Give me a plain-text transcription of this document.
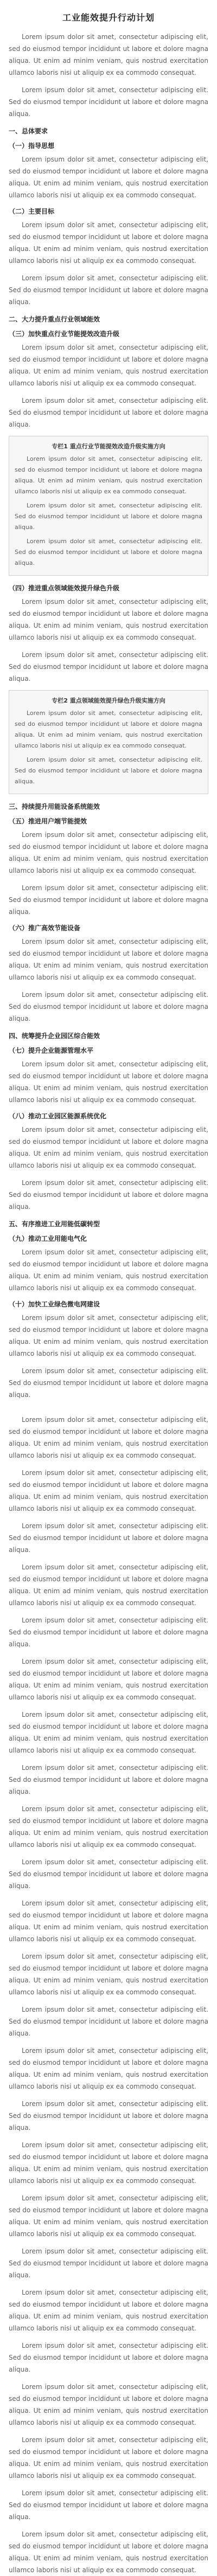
工业能效提升行动计划

Lorem ipsum dolor sit amet, consectetur adipiscing elit, sed do eiusmod tempor incididunt ut labore et dolore magna aliqua. Ut enim ad minim veniam, quis nostrud exercitation ullamco laboris nisi ut aliquip ex ea commodo consequat.

Lorem ipsum dolor sit amet, consectetur adipiscing elit. Sed do eiusmod tempor incididunt ut labore et dolore magna aliqua.

一、总体要求
（一）指导思想

Lorem ipsum dolor sit amet, consectetur adipiscing elit, sed do eiusmod tempor incididunt ut labore et dolore magna aliqua. Ut enim ad minim veniam, quis nostrud exercitation ullamco laboris nisi ut aliquip ex ea commodo consequat.

（二）主要目标

Lorem ipsum dolor sit amet, consectetur adipiscing elit, sed do eiusmod tempor incididunt ut labore et dolore magna aliqua. Ut enim ad minim veniam, quis nostrud exercitation ullamco laboris nisi ut aliquip ex ea commodo consequat.

Lorem ipsum dolor sit amet, consectetur adipiscing elit. Sed do eiusmod tempor incididunt ut labore et dolore magna aliqua.

二、大力提升重点行业领域能效
（三）加快重点行业节能提效改造升级

Lorem ipsum dolor sit amet, consectetur adipiscing elit, sed do eiusmod tempor incididunt ut labore et dolore magna aliqua. Ut enim ad minim veniam, quis nostrud exercitation ullamco laboris nisi ut aliquip ex ea commodo consequat.

Lorem ipsum dolor sit amet, consectetur adipiscing elit. Sed do eiusmod tempor incididunt ut labore et dolore magna aliqua.

专栏1 重点行业节能提效改造升级实施方向

Lorem ipsum dolor sit amet, consectetur adipiscing elit, sed do eiusmod tempor incididunt ut labore et dolore magna aliqua. Ut enim ad minim veniam, quis nostrud exercitation ullamco laboris nisi ut aliquip ex ea commodo consequat.

Lorem ipsum dolor sit amet, consectetur adipiscing elit. Sed do eiusmod tempor incididunt ut labore et dolore magna aliqua.

Lorem ipsum dolor sit amet, consectetur adipiscing elit. Sed do eiusmod tempor incididunt ut labore et dolore magna aliqua.

（四）推进重点领域能效提升绿色升级

Lorem ipsum dolor sit amet, consectetur adipiscing elit, sed do eiusmod tempor incididunt ut labore et dolore magna aliqua. Ut enim ad minim veniam, quis nostrud exercitation ullamco laboris nisi ut aliquip ex ea commodo consequat.

Lorem ipsum dolor sit amet, consectetur adipiscing elit. Sed do eiusmod tempor incididunt ut labore et dolore magna aliqua.

专栏2 重点领域能效提升绿色升级实施方向

Lorem ipsum dolor sit amet, consectetur adipiscing elit, sed do eiusmod tempor incididunt ut labore et dolore magna aliqua. Ut enim ad minim veniam, quis nostrud exercitation ullamco laboris nisi ut aliquip ex ea commodo consequat.

Lorem ipsum dolor sit amet, consectetur adipiscing elit. Sed do eiusmod tempor incididunt ut labore et dolore magna aliqua.

三、持续提升用能设备系统能效
（五）推进用户端节能提效

Lorem ipsum dolor sit amet, consectetur adipiscing elit, sed do eiusmod tempor incididunt ut labore et dolore magna aliqua. Ut enim ad minim veniam, quis nostrud exercitation ullamco laboris nisi ut aliquip ex ea commodo consequat.

Lorem ipsum dolor sit amet, consectetur adipiscing elit. Sed do eiusmod tempor incididunt ut labore et dolore magna aliqua.

（六）推广高效节能设备

Lorem ipsum dolor sit amet, consectetur adipiscing elit, sed do eiusmod tempor incididunt ut labore et dolore magna aliqua. Ut enim ad minim veniam, quis nostrud exercitation ullamco laboris nisi ut aliquip ex ea commodo consequat.

Lorem ipsum dolor sit amet, consectetur adipiscing elit. Sed do eiusmod tempor incididunt ut labore et dolore magna aliqua.

四、统筹提升企业园区综合能效
（七）提升企业能源管理水平

Lorem ipsum dolor sit amet, consectetur adipiscing elit, sed do eiusmod tempor incididunt ut labore et dolore magna aliqua. Ut enim ad minim veniam, quis nostrud exercitation ullamco laboris nisi ut aliquip ex ea commodo consequat.

（八）推动工业园区能源系统优化

Lorem ipsum dolor sit amet, consectetur adipiscing elit, sed do eiusmod tempor incididunt ut labore et dolore magna aliqua. Ut enim ad minim veniam, quis nostrud exercitation ullamco laboris nisi ut aliquip ex ea commodo consequat.

Lorem ipsum dolor sit amet, consectetur adipiscing elit. Sed do eiusmod tempor incididunt ut labore et dolore magna aliqua.

五、有序推进工业用能低碳转型
（九）推动工业用能电气化

Lorem ipsum dolor sit amet, consectetur adipiscing elit, sed do eiusmod tempor incididunt ut labore et dolore magna aliqua. Ut enim ad minim veniam, quis nostrud exercitation ullamco laboris nisi ut aliquip ex ea commodo consequat.

（十）加快工业绿色微电网建设

Lorem ipsum dolor sit amet, consectetur adipiscing elit, sed do eiusmod tempor incididunt ut labore et dolore magna aliqua. Ut enim ad minim veniam, quis nostrud exercitation ullamco laboris nisi ut aliquip ex ea commodo consequat.

Lorem ipsum dolor sit amet, consectetur adipiscing elit. Sed do eiusmod tempor incididunt ut labore et dolore magna aliqua.

Lorem ipsum dolor sit amet, consectetur adipiscing elit, sed do eiusmod tempor incididunt ut labore et dolore magna aliqua. Ut enim ad minim veniam, quis nostrud exercitation ullamco laboris nisi ut aliquip ex ea commodo consequat.

Lorem ipsum dolor sit amet, consectetur adipiscing elit, sed do eiusmod tempor incididunt ut labore et dolore magna aliqua. Ut enim ad minim veniam, quis nostrud exercitation ullamco laboris nisi ut aliquip ex ea commodo consequat.

Lorem ipsum dolor sit amet, consectetur adipiscing elit. Sed do eiusmod tempor incididunt ut labore et dolore magna aliqua.

Lorem ipsum dolor sit amet, consectetur adipiscing elit, sed do eiusmod tempor incididunt ut labore et dolore magna aliqua. Ut enim ad minim veniam, quis nostrud exercitation ullamco laboris nisi ut aliquip ex ea commodo consequat.

Lorem ipsum dolor sit amet, consectetur adipiscing elit. Sed do eiusmod tempor incididunt ut labore et dolore magna aliqua.

Lorem ipsum dolor sit amet, consectetur adipiscing elit, sed do eiusmod tempor incididunt ut labore et dolore magna aliqua. Ut enim ad minim veniam, quis nostrud exercitation ullamco laboris nisi ut aliquip ex ea commodo consequat.

Lorem ipsum dolor sit amet, consectetur adipiscing elit, sed do eiusmod tempor incididunt ut labore et dolore magna aliqua. Ut enim ad minim veniam, quis nostrud exercitation ullamco laboris nisi ut aliquip ex ea commodo consequat.

Lorem ipsum dolor sit amet, consectetur adipiscing elit. Sed do eiusmod tempor incididunt ut labore et dolore magna aliqua.

Lorem ipsum dolor sit amet, consectetur adipiscing elit, sed do eiusmod tempor incididunt ut labore et dolore magna aliqua. Ut enim ad minim veniam, quis nostrud exercitation ullamco laboris nisi ut aliquip ex ea commodo consequat.

Lorem ipsum dolor sit amet, consectetur adipiscing elit. Sed do eiusmod tempor incididunt ut labore et dolore magna aliqua.

Lorem ipsum dolor sit amet, consectetur adipiscing elit, sed do eiusmod tempor incididunt ut labore et dolore magna aliqua. Ut enim ad minim veniam, quis nostrud exercitation ullamco laboris nisi ut aliquip ex ea commodo consequat.

Lorem ipsum dolor sit amet, consectetur adipiscing elit, sed do eiusmod tempor incididunt ut labore et dolore magna aliqua. Ut enim ad minim veniam, quis nostrud exercitation ullamco laboris nisi ut aliquip ex ea commodo consequat.

Lorem ipsum dolor sit amet, consectetur adipiscing elit. Sed do eiusmod tempor incididunt ut labore et dolore magna aliqua.

Lorem ipsum dolor sit amet, consectetur adipiscing elit, sed do eiusmod tempor incididunt ut labore et dolore magna aliqua. Ut enim ad minim veniam, quis nostrud exercitation ullamco laboris nisi ut aliquip ex ea commodo consequat.

Lorem ipsum dolor sit amet, consectetur adipiscing elit. Sed do eiusmod tempor incididunt ut labore et dolore magna aliqua.

Lorem ipsum dolor sit amet, consectetur adipiscing elit, sed do eiusmod tempor incididunt ut labore et dolore magna aliqua. Ut enim ad minim veniam, quis nostrud exercitation ullamco laboris nisi ut aliquip ex ea commodo consequat.

Lorem ipsum dolor sit amet, consectetur adipiscing elit, sed do eiusmod tempor incididunt ut labore et dolore magna aliqua. Ut enim ad minim veniam, quis nostrud exercitation ullamco laboris nisi ut aliquip ex ea commodo consequat.

Lorem ipsum dolor sit amet, consectetur adipiscing elit. Sed do eiusmod tempor incididunt ut labore et dolore magna aliqua.

Lorem ipsum dolor sit amet, consectetur adipiscing elit, sed do eiusmod tempor incididunt ut labore et dolore magna aliqua. Ut enim ad minim veniam, quis nostrud exercitation ullamco laboris nisi ut aliquip ex ea commodo consequat.

Lorem ipsum dolor sit amet, consectetur adipiscing elit. Sed do eiusmod tempor incididunt ut labore et dolore magna aliqua.

Lorem ipsum dolor sit amet, consectetur adipiscing elit, sed do eiusmod tempor incididunt ut labore et dolore magna aliqua. Ut enim ad minim veniam, quis nostrud exercitation ullamco laboris nisi ut aliquip ex ea commodo consequat.

Lorem ipsum dolor sit amet, consectetur adipiscing elit, sed do eiusmod tempor incididunt ut labore et dolore magna aliqua. Ut enim ad minim veniam, quis nostrud exercitation ullamco laboris nisi ut aliquip ex ea commodo consequat.

Lorem ipsum dolor sit amet, consectetur adipiscing elit. Sed do eiusmod tempor incididunt ut labore et dolore magna aliqua.

Lorem ipsum dolor sit amet, consectetur adipiscing elit, sed do eiusmod tempor incididunt ut labore et dolore magna aliqua. Ut enim ad minim veniam, quis nostrud exercitation ullamco laboris nisi ut aliquip ex ea commodo consequat.
